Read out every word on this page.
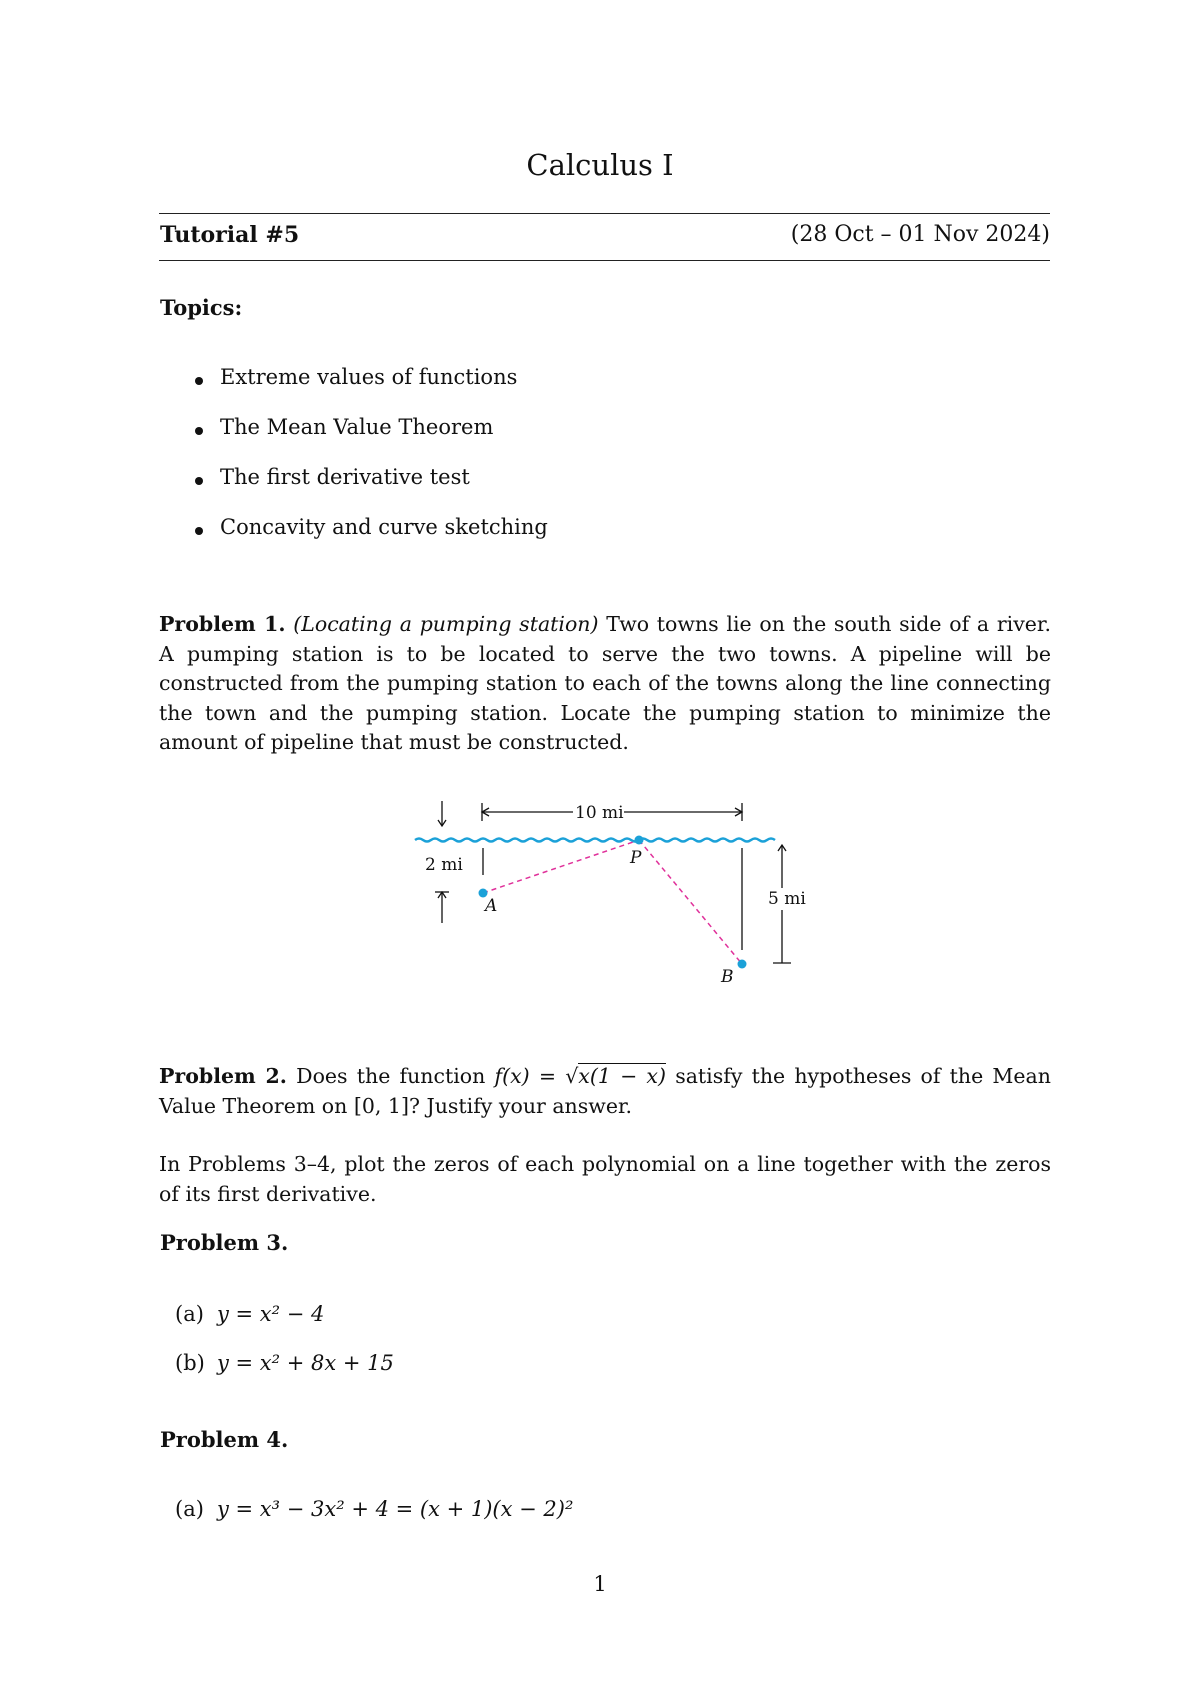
Calculus I
Tutorial #5	(28 Oct – 01 Nov 2024)
Topics:
Extreme values of functions
The Mean Value Theorem
The first derivative test
Concavity and curve sketching

Problem 1. (Locating a pumping station) Two towns lie on the south side of a river. A pumping station is to be located to serve the two towns. A pipeline will be constructed from the pumping station to each of the towns along the line connecting the town and the pumping station. Locate the pumping station to minimize the amount of pipeline that must be constructed.

2 mi
10 mi
5 mi
P
A
B

Problem 2. Does the function f(x) = √x(1 − x) satisfy the hypotheses of the Mean Value Theorem on [0, 1]? Justify your answer.

In Problems 3–4, plot the zeros of each polynomial on a line together with the zeros of its first derivative.

Problem 3.
(a) y = x² − 4
(b) y = x² + 8x + 15
Problem 4.
(a) y = x³ − 3x² + 4 = (x + 1)(x − 2)²
1
